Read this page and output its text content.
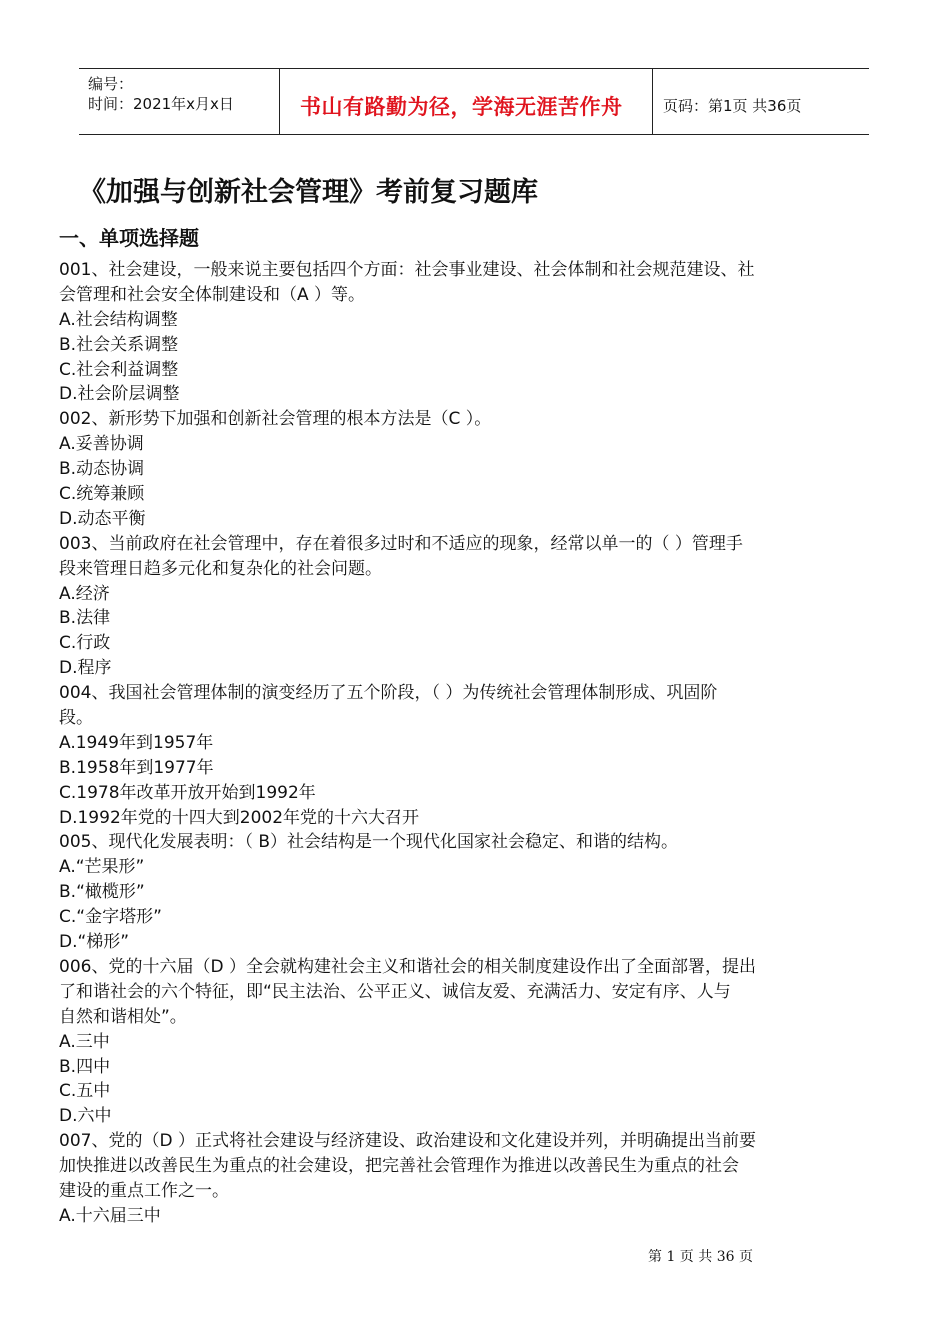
编号：
时间：2021年x月x日	书山有路勤为径，学海无涯苦作舟	页码：第1页 共36页
《加强与创新社会管理》考前复习题库
一、单项选择题
001、社会建设，一般来说主要包括四个方面：社会事业建设、社会体制和社会规范建设、社
会管理和社会安全体制建设和（A ）等。
A.社会结构调整
B.社会关系调整
C.社会利益调整
D.社会阶层调整
002、新形势下加强和创新社会管理的根本方法是（C ）。
A.妥善协调
B.动态协调
C.统筹兼顾
D.动态平衡
003、当前政府在社会管理中，存在着很多过时和不适应的现象，经常以单一的（ ）管理手
段来管理日趋多元化和复杂化的社会问题。
A.经济
B.法律
C.行政
D.程序
004、我国社会管理体制的演变经历了五个阶段，（ ）为传统社会管理体制形成、巩固阶
段。
A.1949年到1957年
B.1958年到1977年
C.1978年改革开放开始到1992年
D.1992年党的十四大到2002年党的十六大召开
005、现代化发展表明：（ B）社会结构是一个现代化国家社会稳定、和谐的结构。
A.“芒果形”
B.“橄榄形”
C.“金字塔形”
D.“梯形”
006、党的十六届（D ）全会就构建社会主义和谐社会的相关制度建设作出了全面部署，提出
了和谐社会的六个特征，即“民主法治、公平正义、诚信友爱、充满活力、安定有序、人与
自然和谐相处”。
A.三中
B.四中
C.五中
D.六中
007、党的（D ）正式将社会建设与经济建设、政治建设和文化建设并列，并明确提出当前要
加快推进以改善民生为重点的社会建设，把完善社会管理作为推进以改善民生为重点的社会
建设的重点工作之一。
A.十六届三中
第 1 页 共 36 页
